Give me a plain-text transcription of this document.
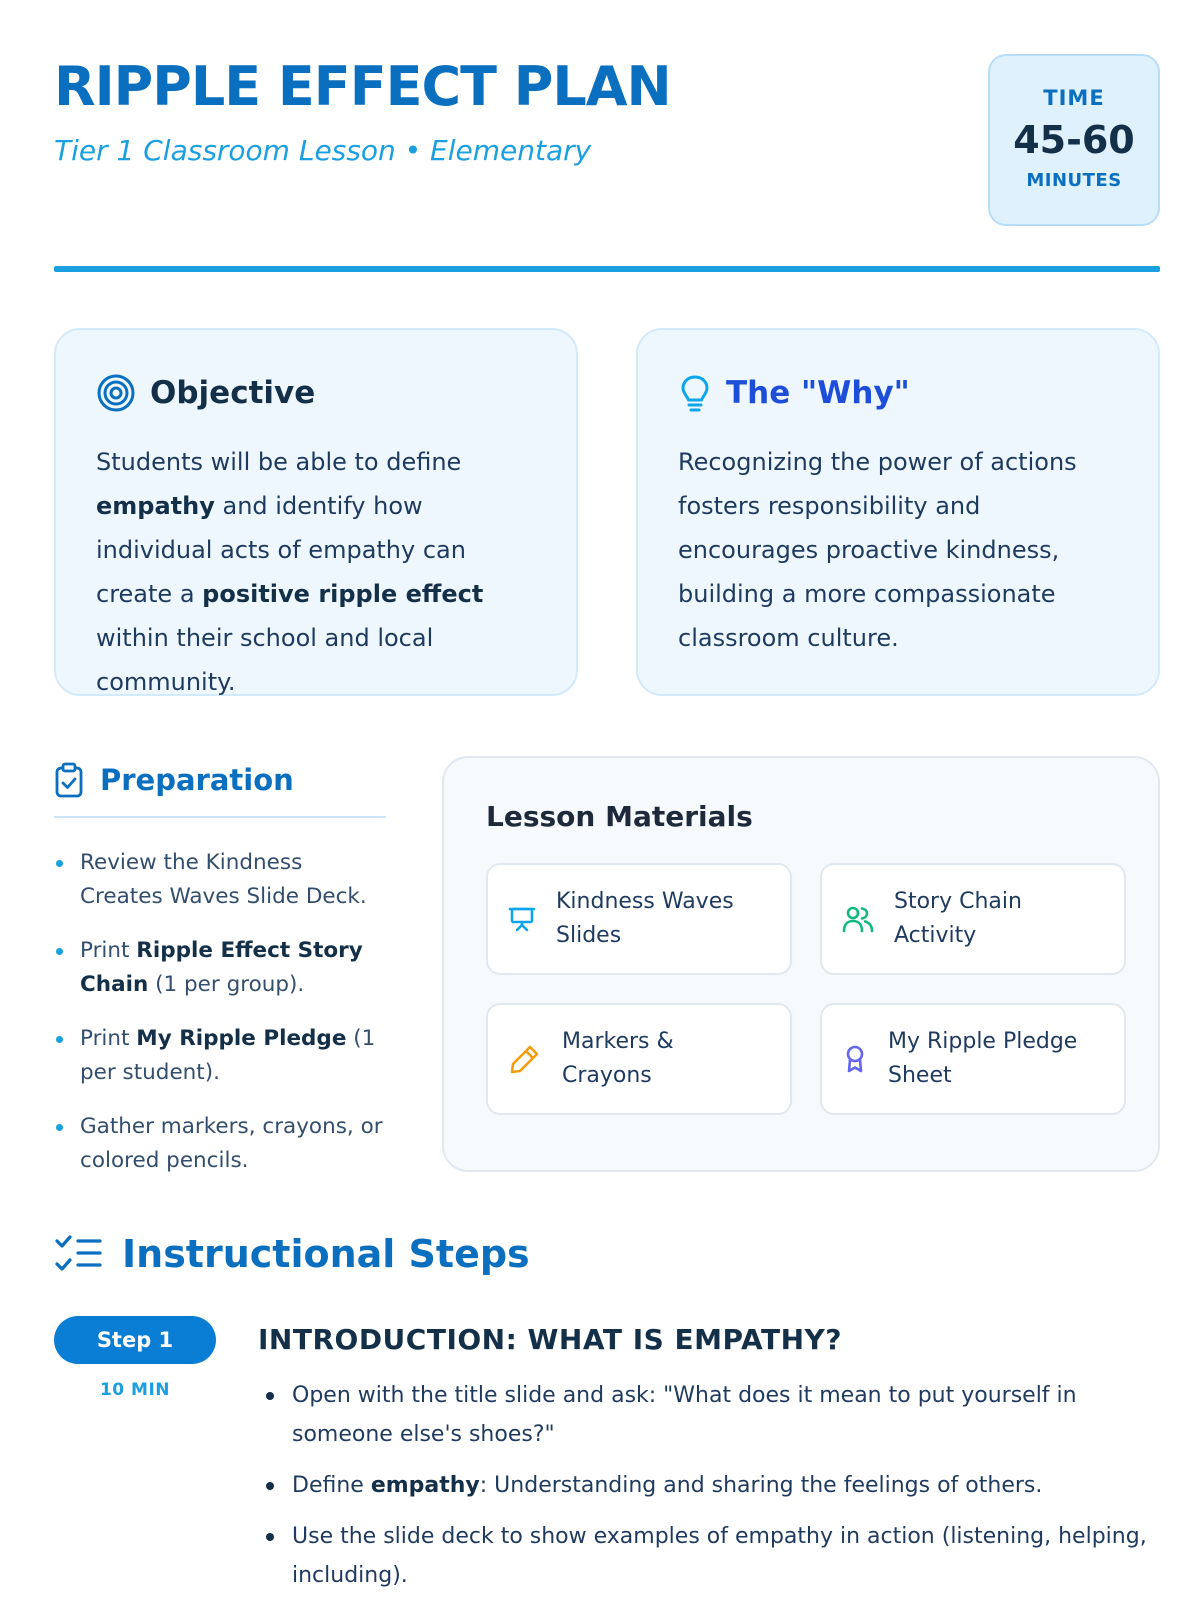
RIPPLE EFFECT PLAN
Tier 1 Classroom Lesson • Elementary
TIME
45-60
MINUTES
Objective
Students will be able to define empathy and identify how individual acts of empathy can create a positive ripple effect within their school and local community.
The "Why"
Recognizing the power of actions fosters responsibility and encourages proactive kindness, building a more compassionate classroom culture.
Preparation
Review the Kindness Creates Waves Slide Deck.
Print Ripple Effect Story Chain (1 per group).
Print My Ripple Pledge (1 per student).
Gather markers, crayons, or colored pencils.
Lesson Materials
Kindness Waves Slides
Story Chain Activity
Markers & Crayons
My Ripple Pledge Sheet
Instructional Steps
Step 1
10 MIN
INTRODUCTION: WHAT IS EMPATHY?
Open with the title slide and ask: "What does it mean to put yourself in someone else's shoes?"
Define empathy: Understanding and sharing the feelings of others.
Use the slide deck to show examples of empathy in action (listening, helping, including).
